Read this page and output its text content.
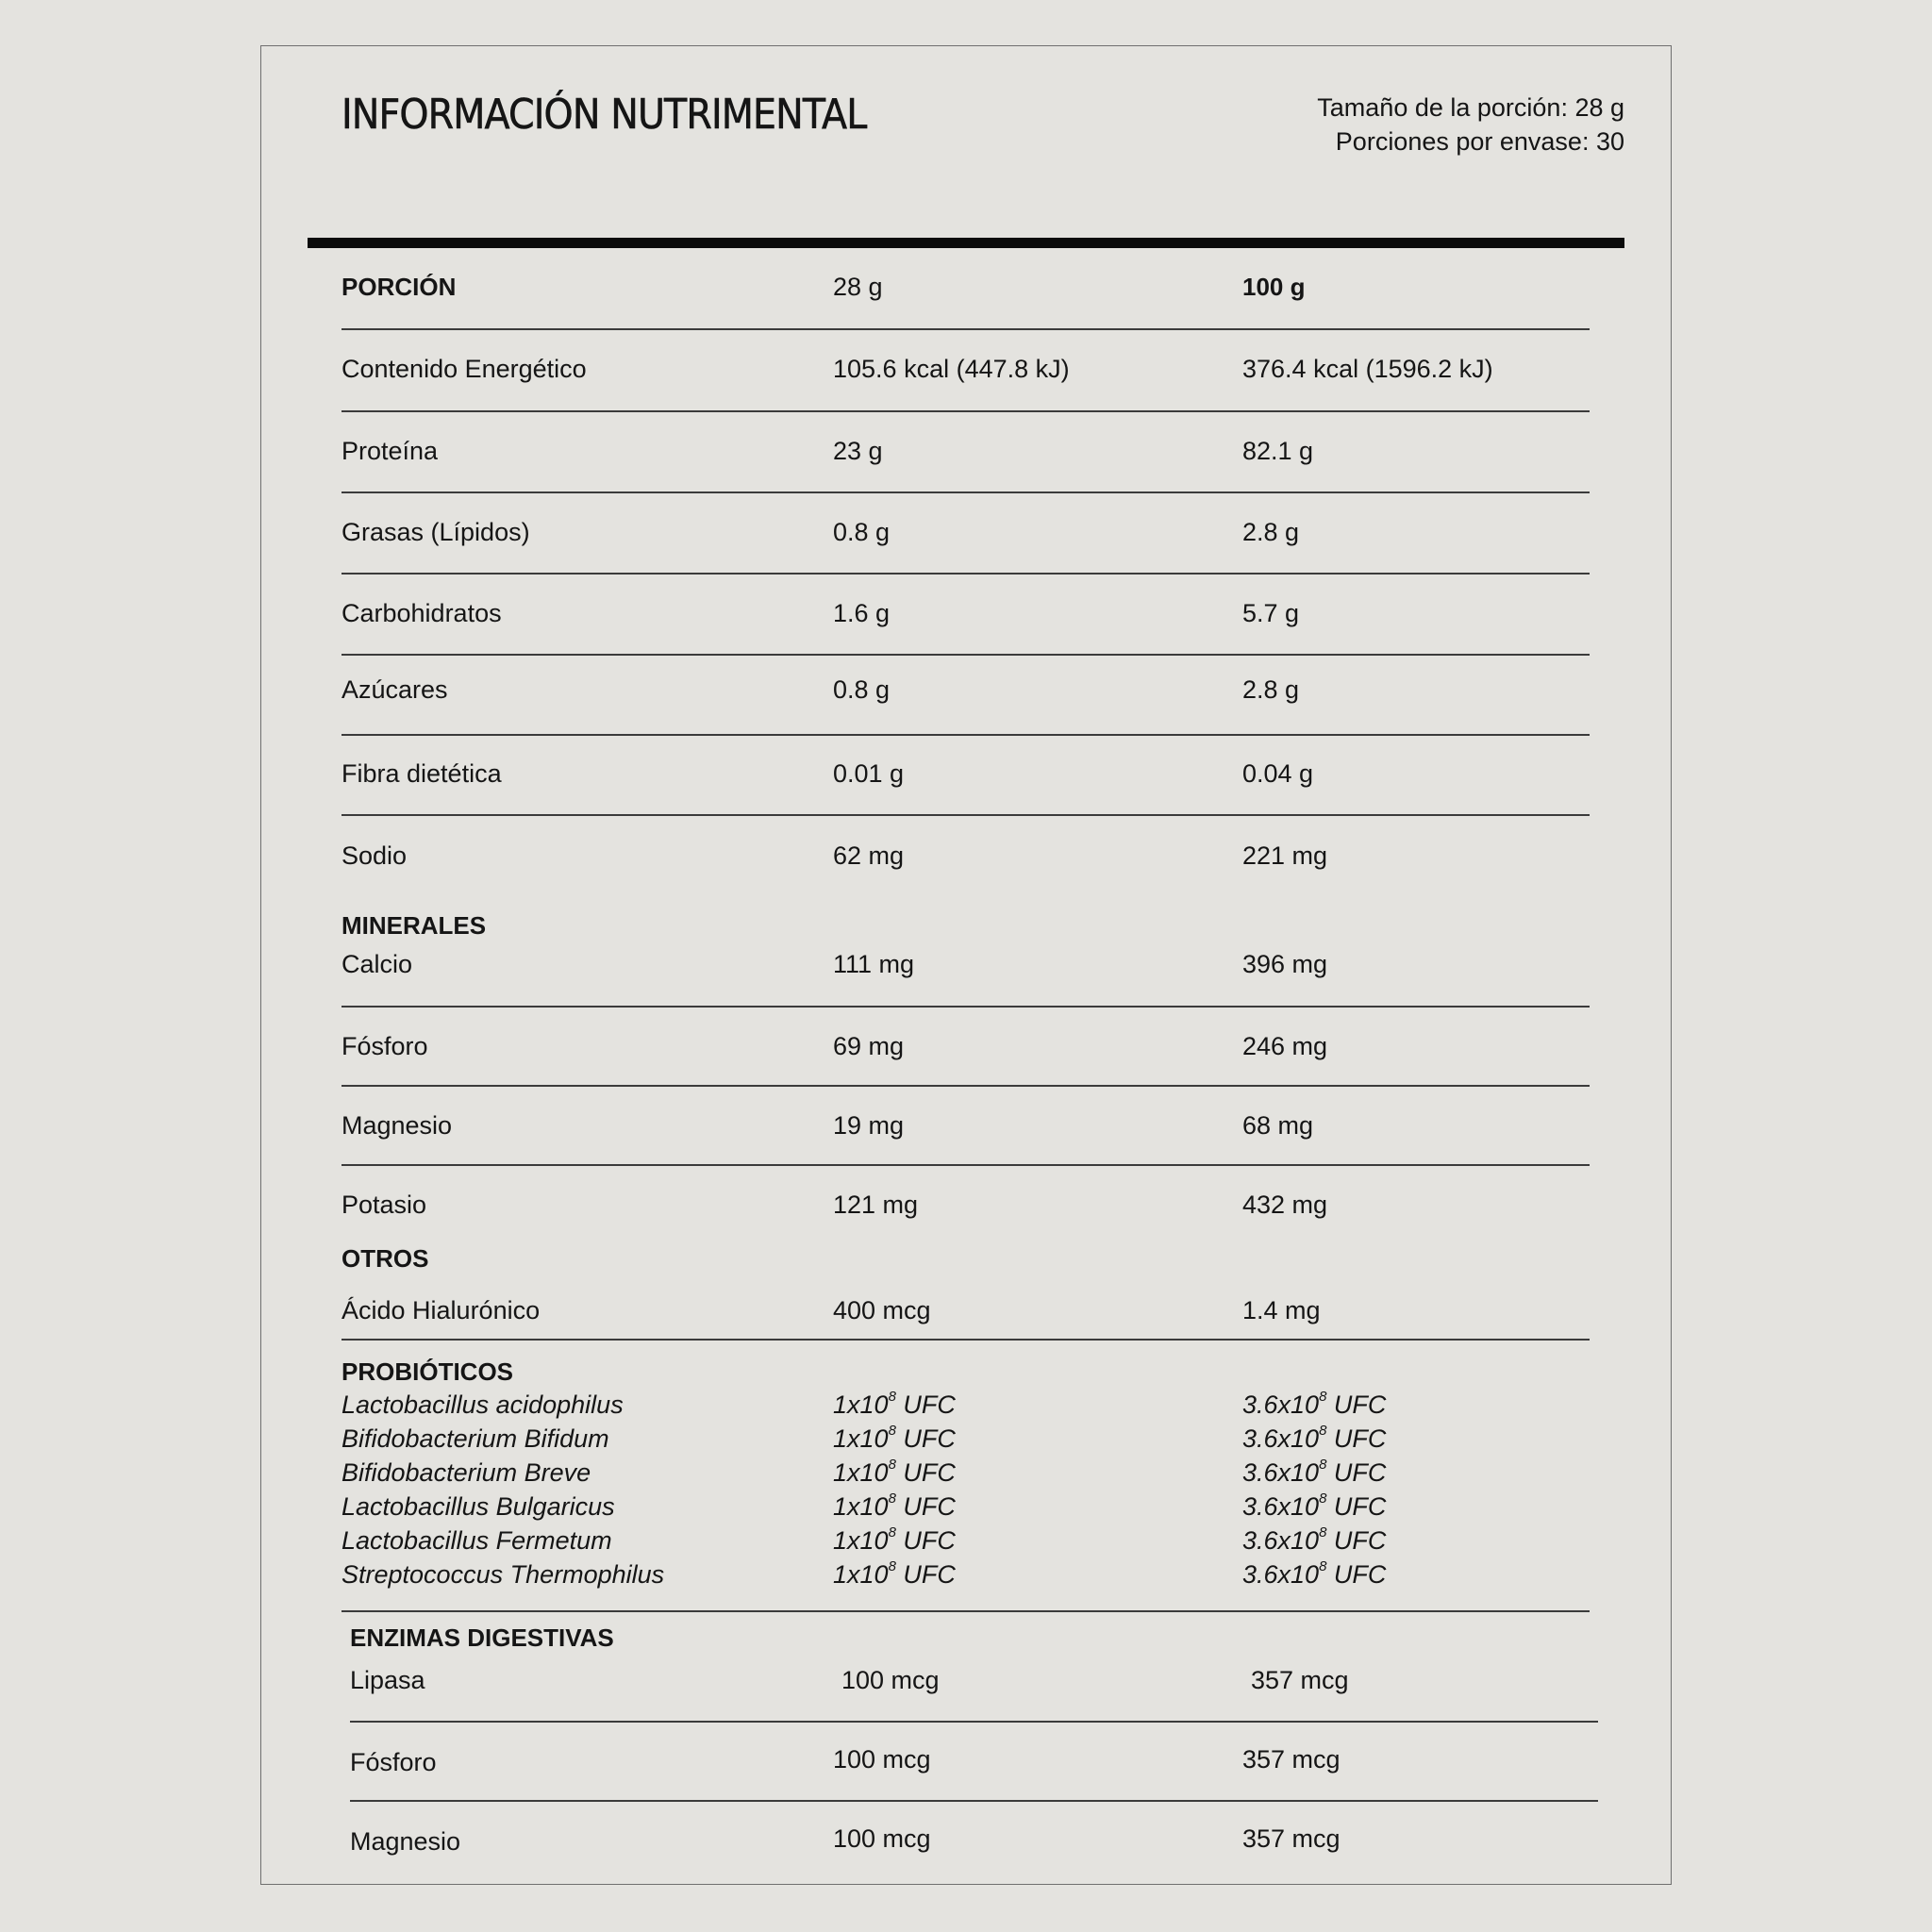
INFORMACIÓN NUTRIMENTAL	Tamaño de la porción: 28 g
Porciones por envase: 30
PORCIÓN	28 g	100 g
Contenido Energético	105.6 kcal (447.8 kJ)	376.4 kcal (1596.2 kJ)
Proteína	23 g	82.1 g
Grasas (Lípidos)	0.8 g	2.8 g
Carbohidratos	1.6 g	5.7 g
Azúcares	0.8 g	2.8 g
Fibra dietética	0.01 g	0.04 g
Sodio	62 mg	221 mg
MINERALES
Calcio	111 mg	396 mg
Fósforo	69 mg	246 mg
Magnesio	19 mg	68 mg
Potasio	121 mg	432 mg
OTROS
Ácido Hialurónico	400 mcg	1.4 mg
PROBIÓTICOS
Lactobacillus acidophilus	$1x10^8$ UFC	$3.6x10^8$ UFC
Bifidobacterium Bifidum	$1x10^8$ UFC	$3.6x10^8$ UFC
Bifidobacterium Breve	$1x10^8$ UFC	$3.6x10^8$ UFC
Lactobacillus Bulgaricus	$1x10^8$ UFC	$3.6x10^8$ UFC
Lactobacillus Fermetum	$1x10^8$ UFC	$3.6x10^8$ UFC
Streptococcus Thermophilus	$1x10^8$ UFC	$3.6x10^8$ UFC
ENZIMAS DIGESTIVAS
Lipasa	100 mcg	357 mcg
Fósforo	100 mcg	357 mcg
Magnesio	100 mcg	357 mcg
